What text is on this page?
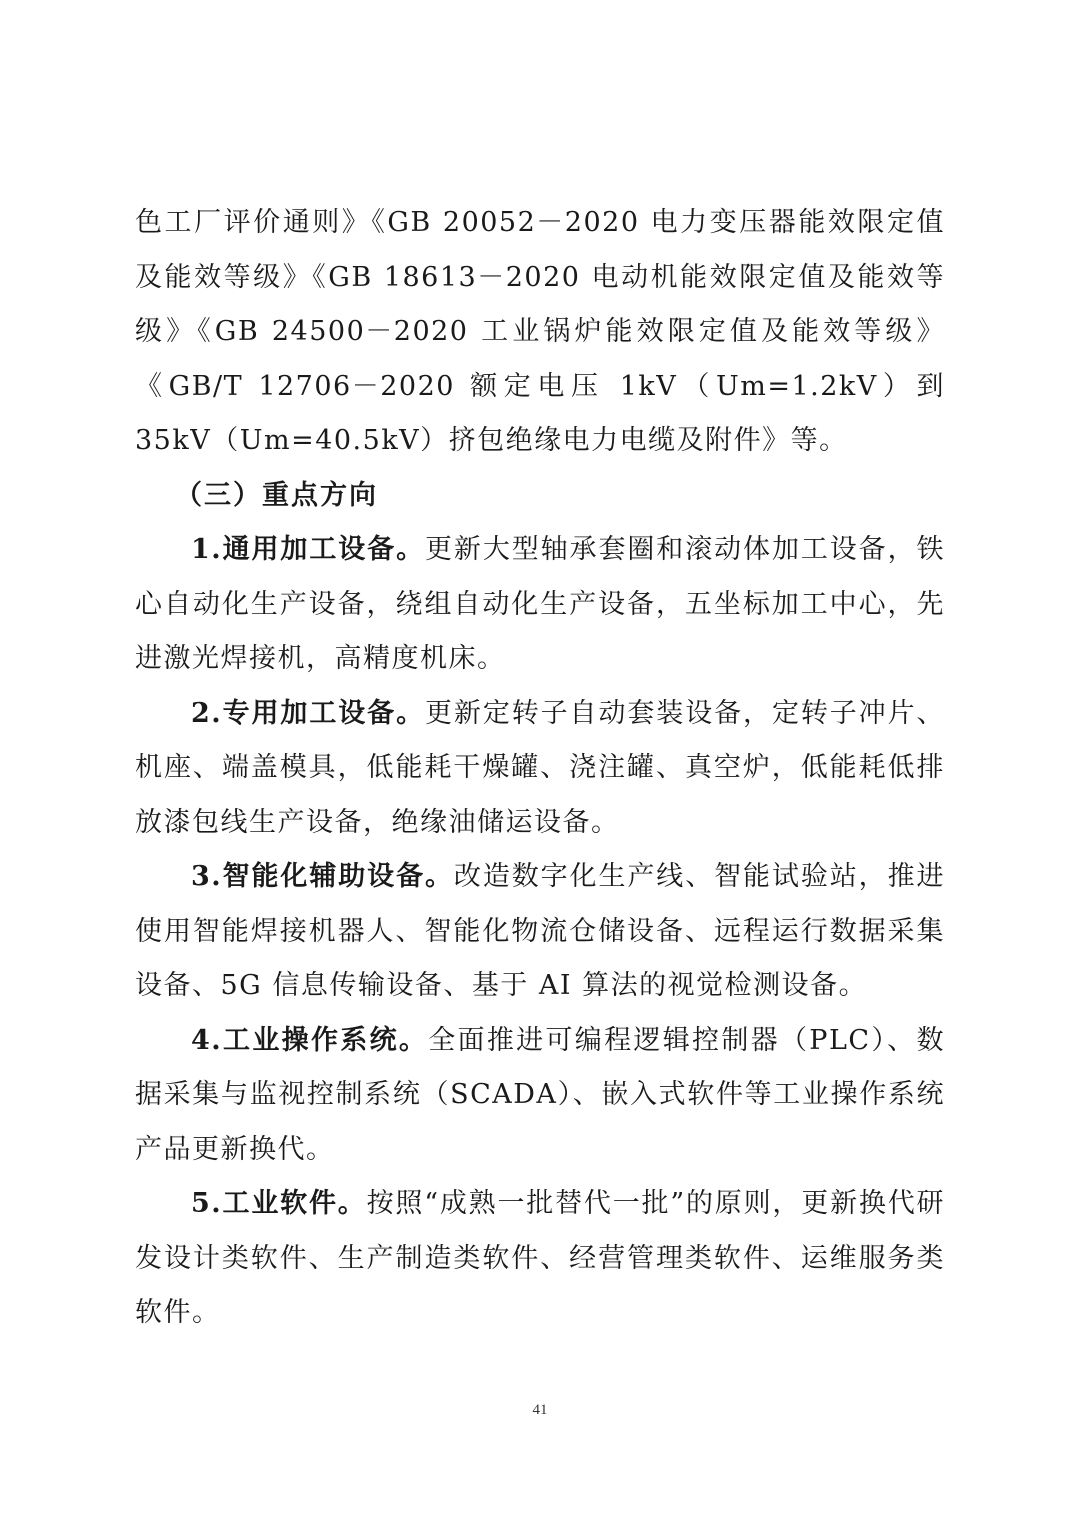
色工厂评价通则》《GB 20052－2020 电力变压器能效限定值及能效等级》《GB 18613－2020 电动机能效限定值及能效等级》《GB 24500－2020 工业锅炉能效限定值及能效等级》《GB/T 12706－2020 额定电压 1kV（Um=1.2kV）到 35kV（Um=40.5kV）挤包绝缘电力电缆及附件》等。

（三）重点方向

1.通用加工设备。更新大型轴承套圈和滚动体加工设备，铁心自动化生产设备，绕组自动化生产设备，五坐标加工中心，先进激光焊接机，高精度机床。

2.专用加工设备。更新定转子自动套装设备，定转子冲片、机座、端盖模具，低能耗干燥罐、浇注罐、真空炉，低能耗低排放漆包线生产设备，绝缘油储运设备。

3.智能化辅助设备。改造数字化生产线、智能试验站，推进使用智能焊接机器人、智能化物流仓储设备、远程运行数据采集设备、5G 信息传输设备、基于 AI 算法的视觉检测设备。

4.工业操作系统。全面推进可编程逻辑控制器（PLC）、数据采集与监视控制系统（SCADA）、嵌入式软件等工业操作系统产品更新换代。

5.工业软件。按照“成熟一批替代一批”的原则，更新换代研发设计类软件、生产制造类软件、经营管理类软件、运维服务类软件。

41
